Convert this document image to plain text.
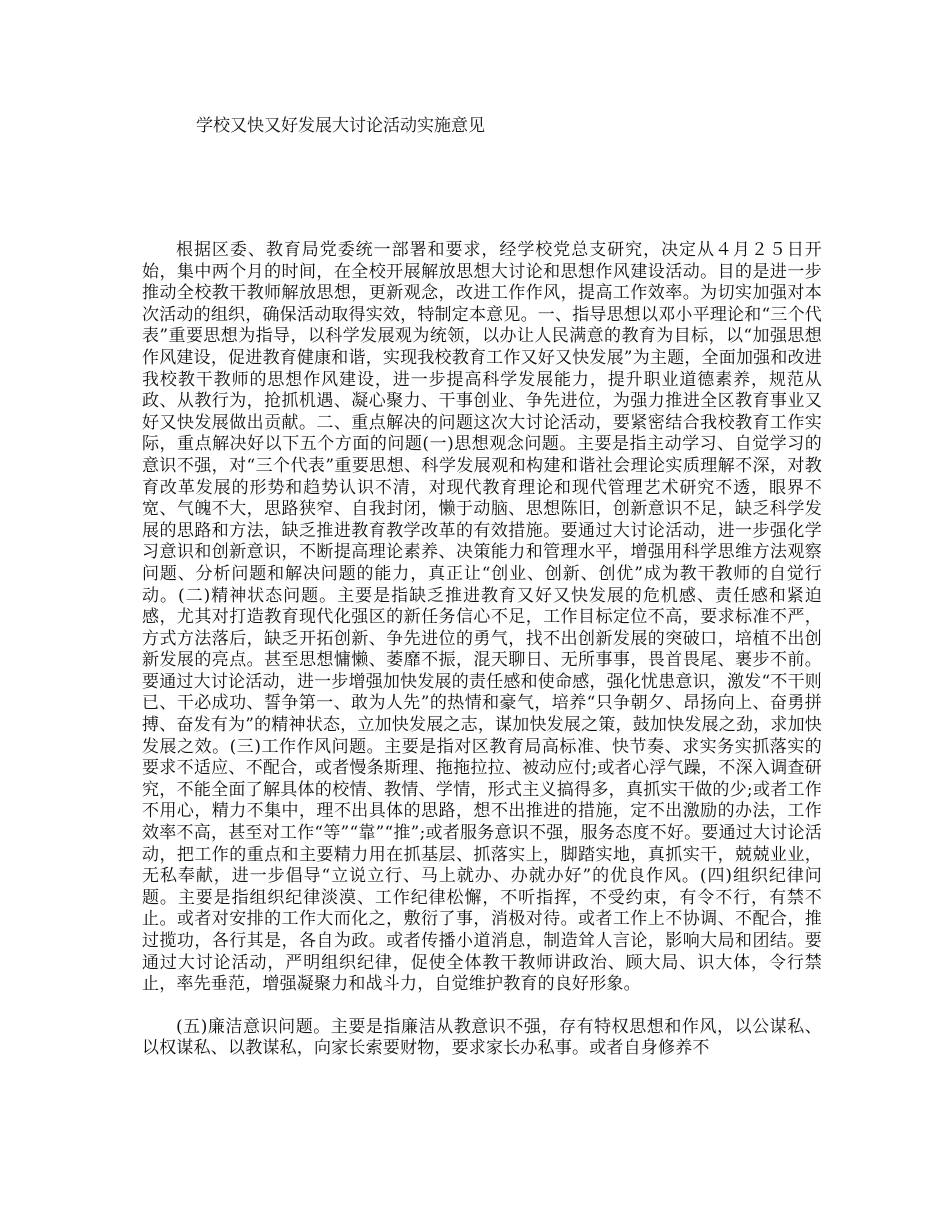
学校又快又好发展大讨论活动实施意见

根据区委、教育局党委统一部署和要求，经学校党总支研究，决定从４月２５日开始，集中两个月的时间，在全校开展解放思想大讨论和思想作风建设活动。目的是进一步推动全校教干教师解放思想，更新观念，改进工作作风，提高工作效率。为切实加强对本次活动的组织，确保活动取得实效，特制定本意见。一、指导思想以邓小平理论和“三个代表”重要思想为指导，以科学发展观为统领，以办让人民满意的教育为目标，以“加强思想作风建设，促进教育健康和谐，实现我校教育工作又好又快发展”为主题，全面加强和改进我校教干教师的思想作风建设，进一步提高科学发展能力，提升职业道德素养，规范从政、从教行为，抢抓机遇、凝心聚力、干事创业、争先进位，为强力推进全区教育事业又好又快发展做出贡献。二、重点解决的问题这次大讨论活动，要紧密结合我校教育工作实际，重点解决好以下五个方面的问题(一)思想观念问题。主要是指主动学习、自觉学习的意识不强，对“三个代表”重要思想、科学发展观和构建和谐社会理论实质理解不深，对教育改革发展的形势和趋势认识不清，对现代教育理论和现代管理艺术研究不透，眼界不宽、气魄不大，思路狭窄、自我封闭，懒于动脑、思想陈旧，创新意识不足，缺乏科学发展的思路和方法，缺乏推进教育教学改革的有效措施。要通过大讨论活动，进一步强化学习意识和创新意识，不断提高理论素养、决策能力和管理水平，增强用科学思维方法观察问题、分析问题和解决问题的能力，真正让“创业、创新、创优”成为教干教师的自觉行动。(二)精神状态问题。主要是指缺乏推进教育又好又快发展的危机感、责任感和紧迫感，尤其对打造教育现代化强区的新任务信心不足，工作目标定位不高，要求标准不严，方式方法落后，缺乏开拓创新、争先进位的勇气，找不出创新发展的突破口，培植不出创新发展的亮点。甚至思想慵懒、萎靡不振，混天聊日、无所事事，畏首畏尾、裹步不前。要通过大讨论活动，进一步增强加快发展的责任感和使命感，强化忧患意识，激发“不干则已、干必成功、誓争第一、敢为人先”的热情和豪气，培养“只争朝夕、昂扬向上、奋勇拼搏、奋发有为”的精神状态，立加快发展之志，谋加快发展之策，鼓加快发展之劲，求加快发展之效。(三)工作作风问题。主要是指对区教育局高标准、快节奏、求实务实抓落实的要求不适应、不配合，或者慢条斯理、拖拖拉拉、被动应付;或者心浮气躁，不深入调查研究，不能全面了解具体的校情、教情、学情，形式主义搞得多，真抓实干做的少;或者工作不用心，精力不集中，理不出具体的思路，想不出推进的措施，定不出激励的办法，工作效率不高，甚至对工作“等”“靠”“推”;或者服务意识不强，服务态度不好。要通过大讨论活动，把工作的重点和主要精力用在抓基层、抓落实上，脚踏实地，真抓实干，兢兢业业，无私奉献，进一步倡导“立说立行、马上就办、办就办好”的优良作风。(四)组织纪律问题。主要是指组织纪律淡漠、工作纪律松懈，不听指挥，不受约束，有令不行，有禁不止。或者对安排的工作大而化之，敷衍了事，消极对待。或者工作上不协调、不配合，推过揽功，各行其是，各自为政。或者传播小道消息，制造耸人言论，影响大局和团结。要通过大讨论活动，严明组织纪律，促使全体教干教师讲政治、顾大局、识大体，令行禁止，率先垂范，增强凝聚力和战斗力，自觉维护教育的良好形象。

(五)廉洁意识问题。主要是指廉洁从教意识不强，存有特权思想和作风，以公谋私、以权谋私、以教谋私，向家长索要财物，要求家长办私事。或者自身修养不
